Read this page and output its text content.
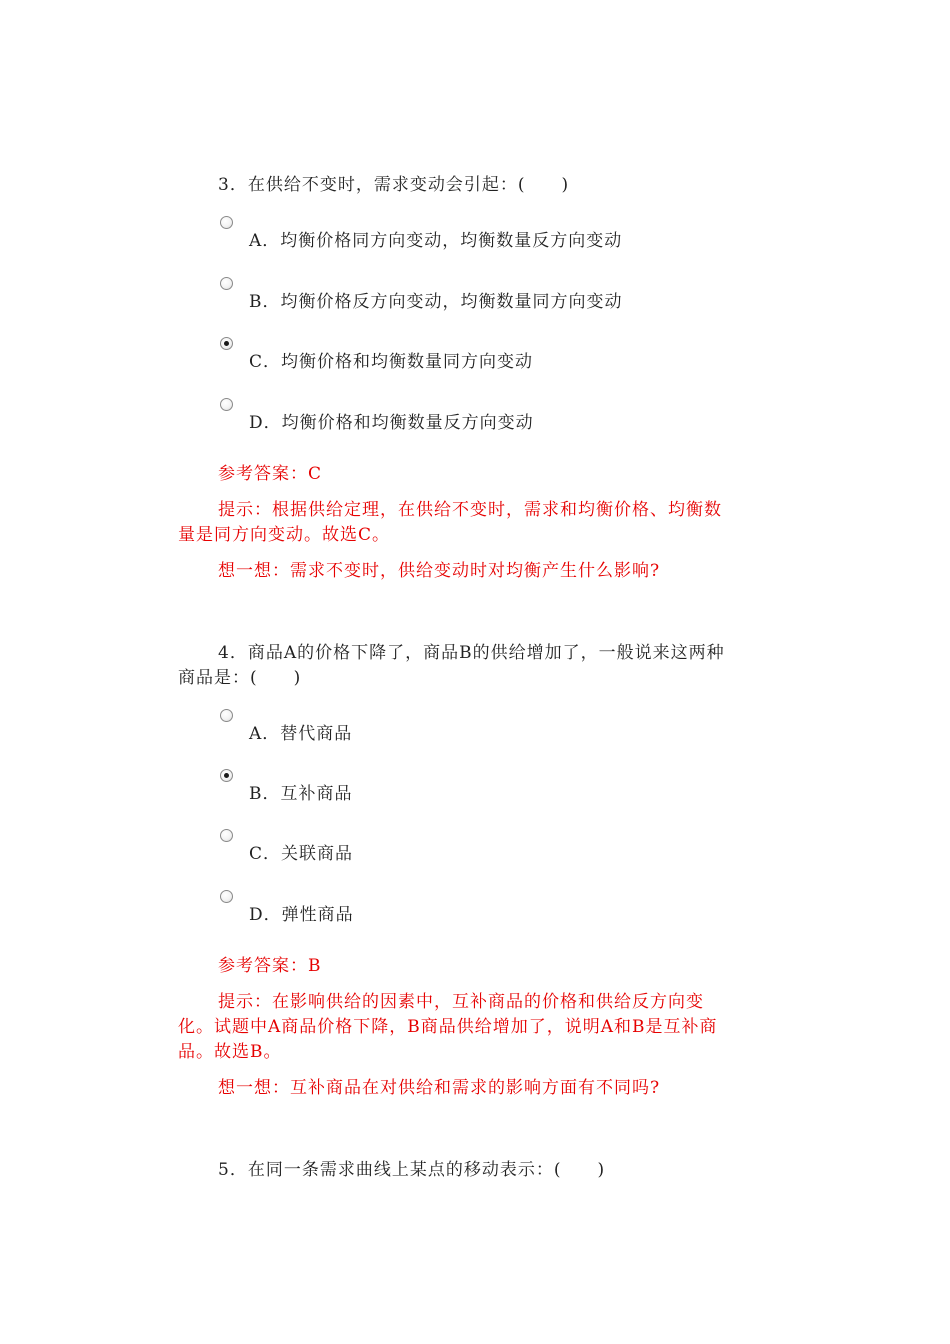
3．在供给不变时，需求变动会引起：(　　)
A．均衡价格同方向变动，均衡数量反方向变动
B．均衡价格反方向变动，均衡数量同方向变动
C．均衡价格和均衡数量同方向变动
D．均衡价格和均衡数量反方向变动
参考答案：C
提示：根据供给定理，在供给不变时，需求和均衡价格、均衡数
量是同方向变动。故选C。
想一想：需求不变时，供给变动时对均衡产生什么影响?
4．商品A的价格下降了，商品B的供给增加了，一般说来这两种
商品是：(　　)
A．替代商品
B．互补商品
C．关联商品
D．弹性商品
参考答案：B
提示：在影响供给的因素中，互补商品的价格和供给反方向变
化。试题中A商品价格下降，B商品供给增加了，说明A和B是互补商
品。故选B。
想一想：互补商品在对供给和需求的影响方面有不同吗?
5．在同一条需求曲线上某点的移动表示：(　　)
